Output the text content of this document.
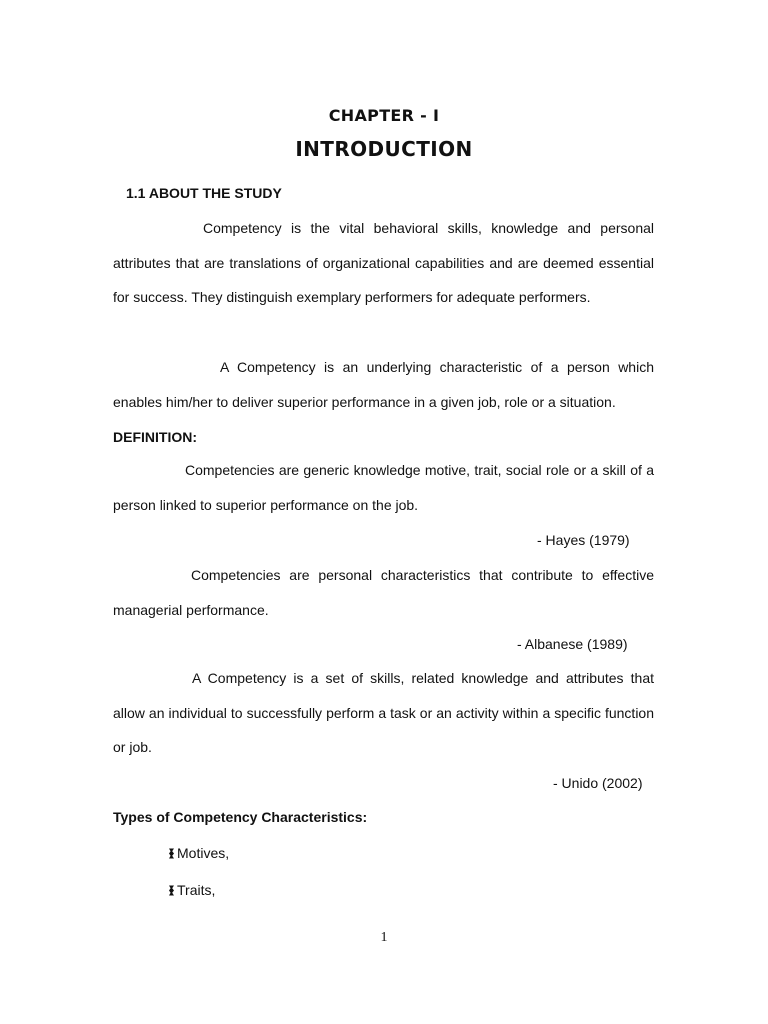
CHAPTER - I
INTRODUCTION
1.1 ABOUT THE STUDY

Competency is the vital behavioral skills, knowledge and personal attributes that are translations of organizational capabilities and are deemed essential for success. They distinguish exemplary performers for adequate performers.

A Competency is an underlying characteristic of a person which enables him/her to deliver superior performance in a given job, role or a situation.

DEFINITION:

Competencies are generic knowledge motive, trait, social role or a skill of a person linked to superior performance on the job.

- Hayes (1979)

Competencies are personal characteristics that contribute to effective managerial performance.

- Albanese (1989)

A Competency is a set of skills, related knowledge and attributes that allow an individual to successfully perform a task or an activity within a specific function or job.

- Unido (2002)
Types of Competency Characteristics:
Motives,
Traits,
1
